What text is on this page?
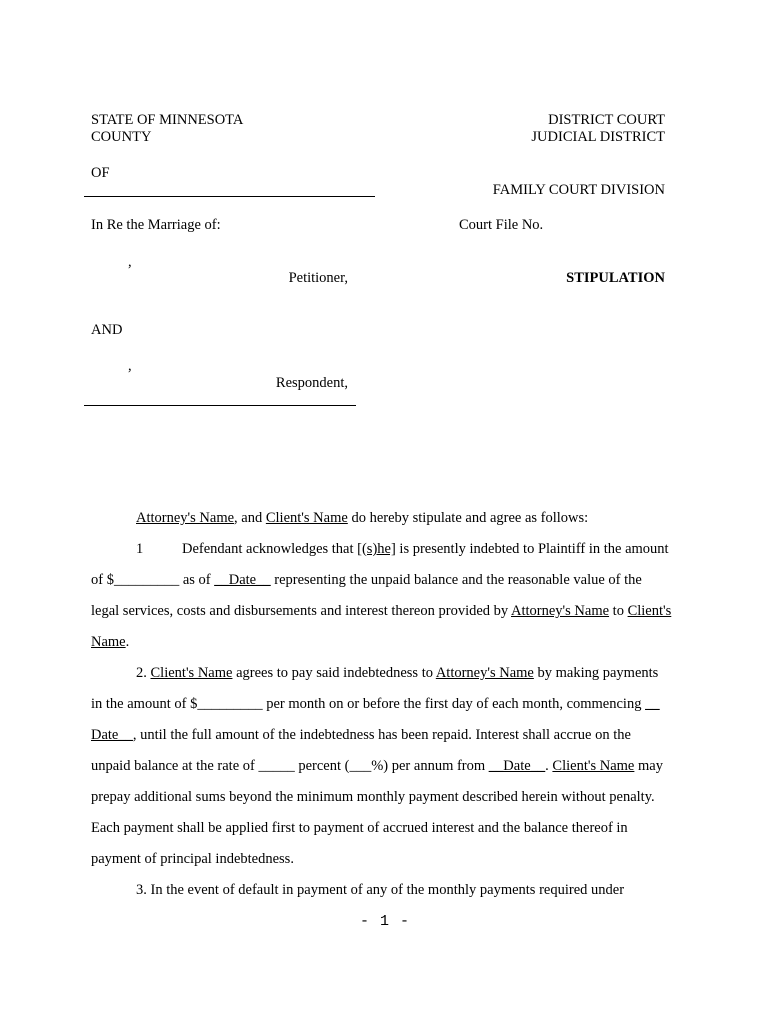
STATE OF MINNESOTA
COUNTY
DISTRICT COURT
JUDICIAL DISTRICT
OF
FAMILY COURT DIVISION
In Re the Marriage of:	Court File No.
,
Petitioner,	STIPULATION
AND
,
Respondent,
Attorney's Name, and Client's Name do hereby stipulate and agree as follows:
1	Defendant acknowledges that [(s)he] is presently indebted to Plaintiff in the amount
of $_________ as of __Date__ representing the unpaid balance and the reasonable value of the
legal services, costs and disbursements and interest thereon provided by Attorney's Name to Client's
Name.
2. Client's Name agrees to pay said indebtedness to Attorney's Name by making payments
in the amount of $_________ per month on or before the first day of each month, commencing __
Date__, until the full amount of the indebtedness has been repaid. Interest shall accrue on the
unpaid balance at the rate of _____ percent (___%) per annum from __Date__. Client's Name may
prepay additional sums beyond the minimum monthly payment described herein without penalty.
Each payment shall be applied first to payment of accrued interest and the balance thereof in
payment of principal indebtedness.
3. In the event of default in payment of any of the monthly payments required under
- 1 -
